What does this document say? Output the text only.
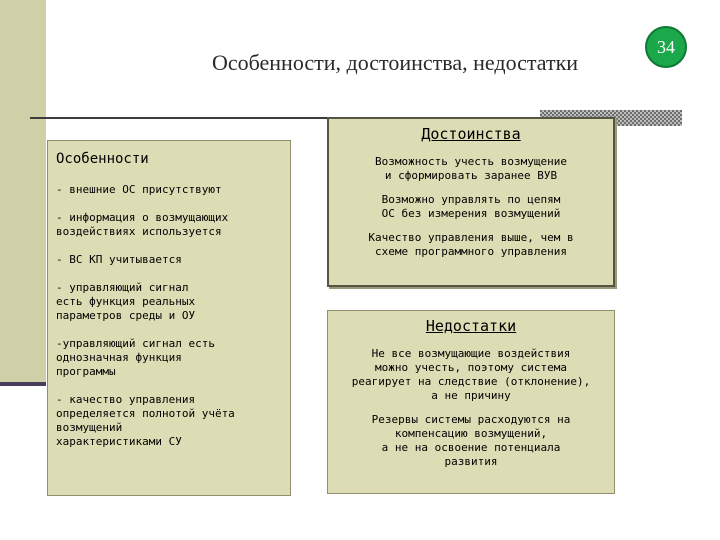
Особенности, достоинства, недостатки
34
Особенности
- внешние ОС присутствуют
- информация о возмущающих
воздействиях используется
- ВС КП учитывается
- управляющий сигнал
есть функция реальных
параметров среды и ОУ
-управляющий сигнал есть
однозначная функция
программы
- качество управления
определяется полнотой учёта
возмущений
характеристиками СУ
Достоинства
Возможность учесть возмущение
и сформировать заранее ВУВ
Возможно управлять по цепям
ОС без измерения возмущений
Качество управления выше, чем в
схеме программного управления
Недостатки
Не все возмущающие воздействия
можно учесть, поэтому система
реагирует на следствие (отклонение),
а не причину
Резервы системы расходуются на
компенсацию возмущений,
а не на освоение потенциала
развития
